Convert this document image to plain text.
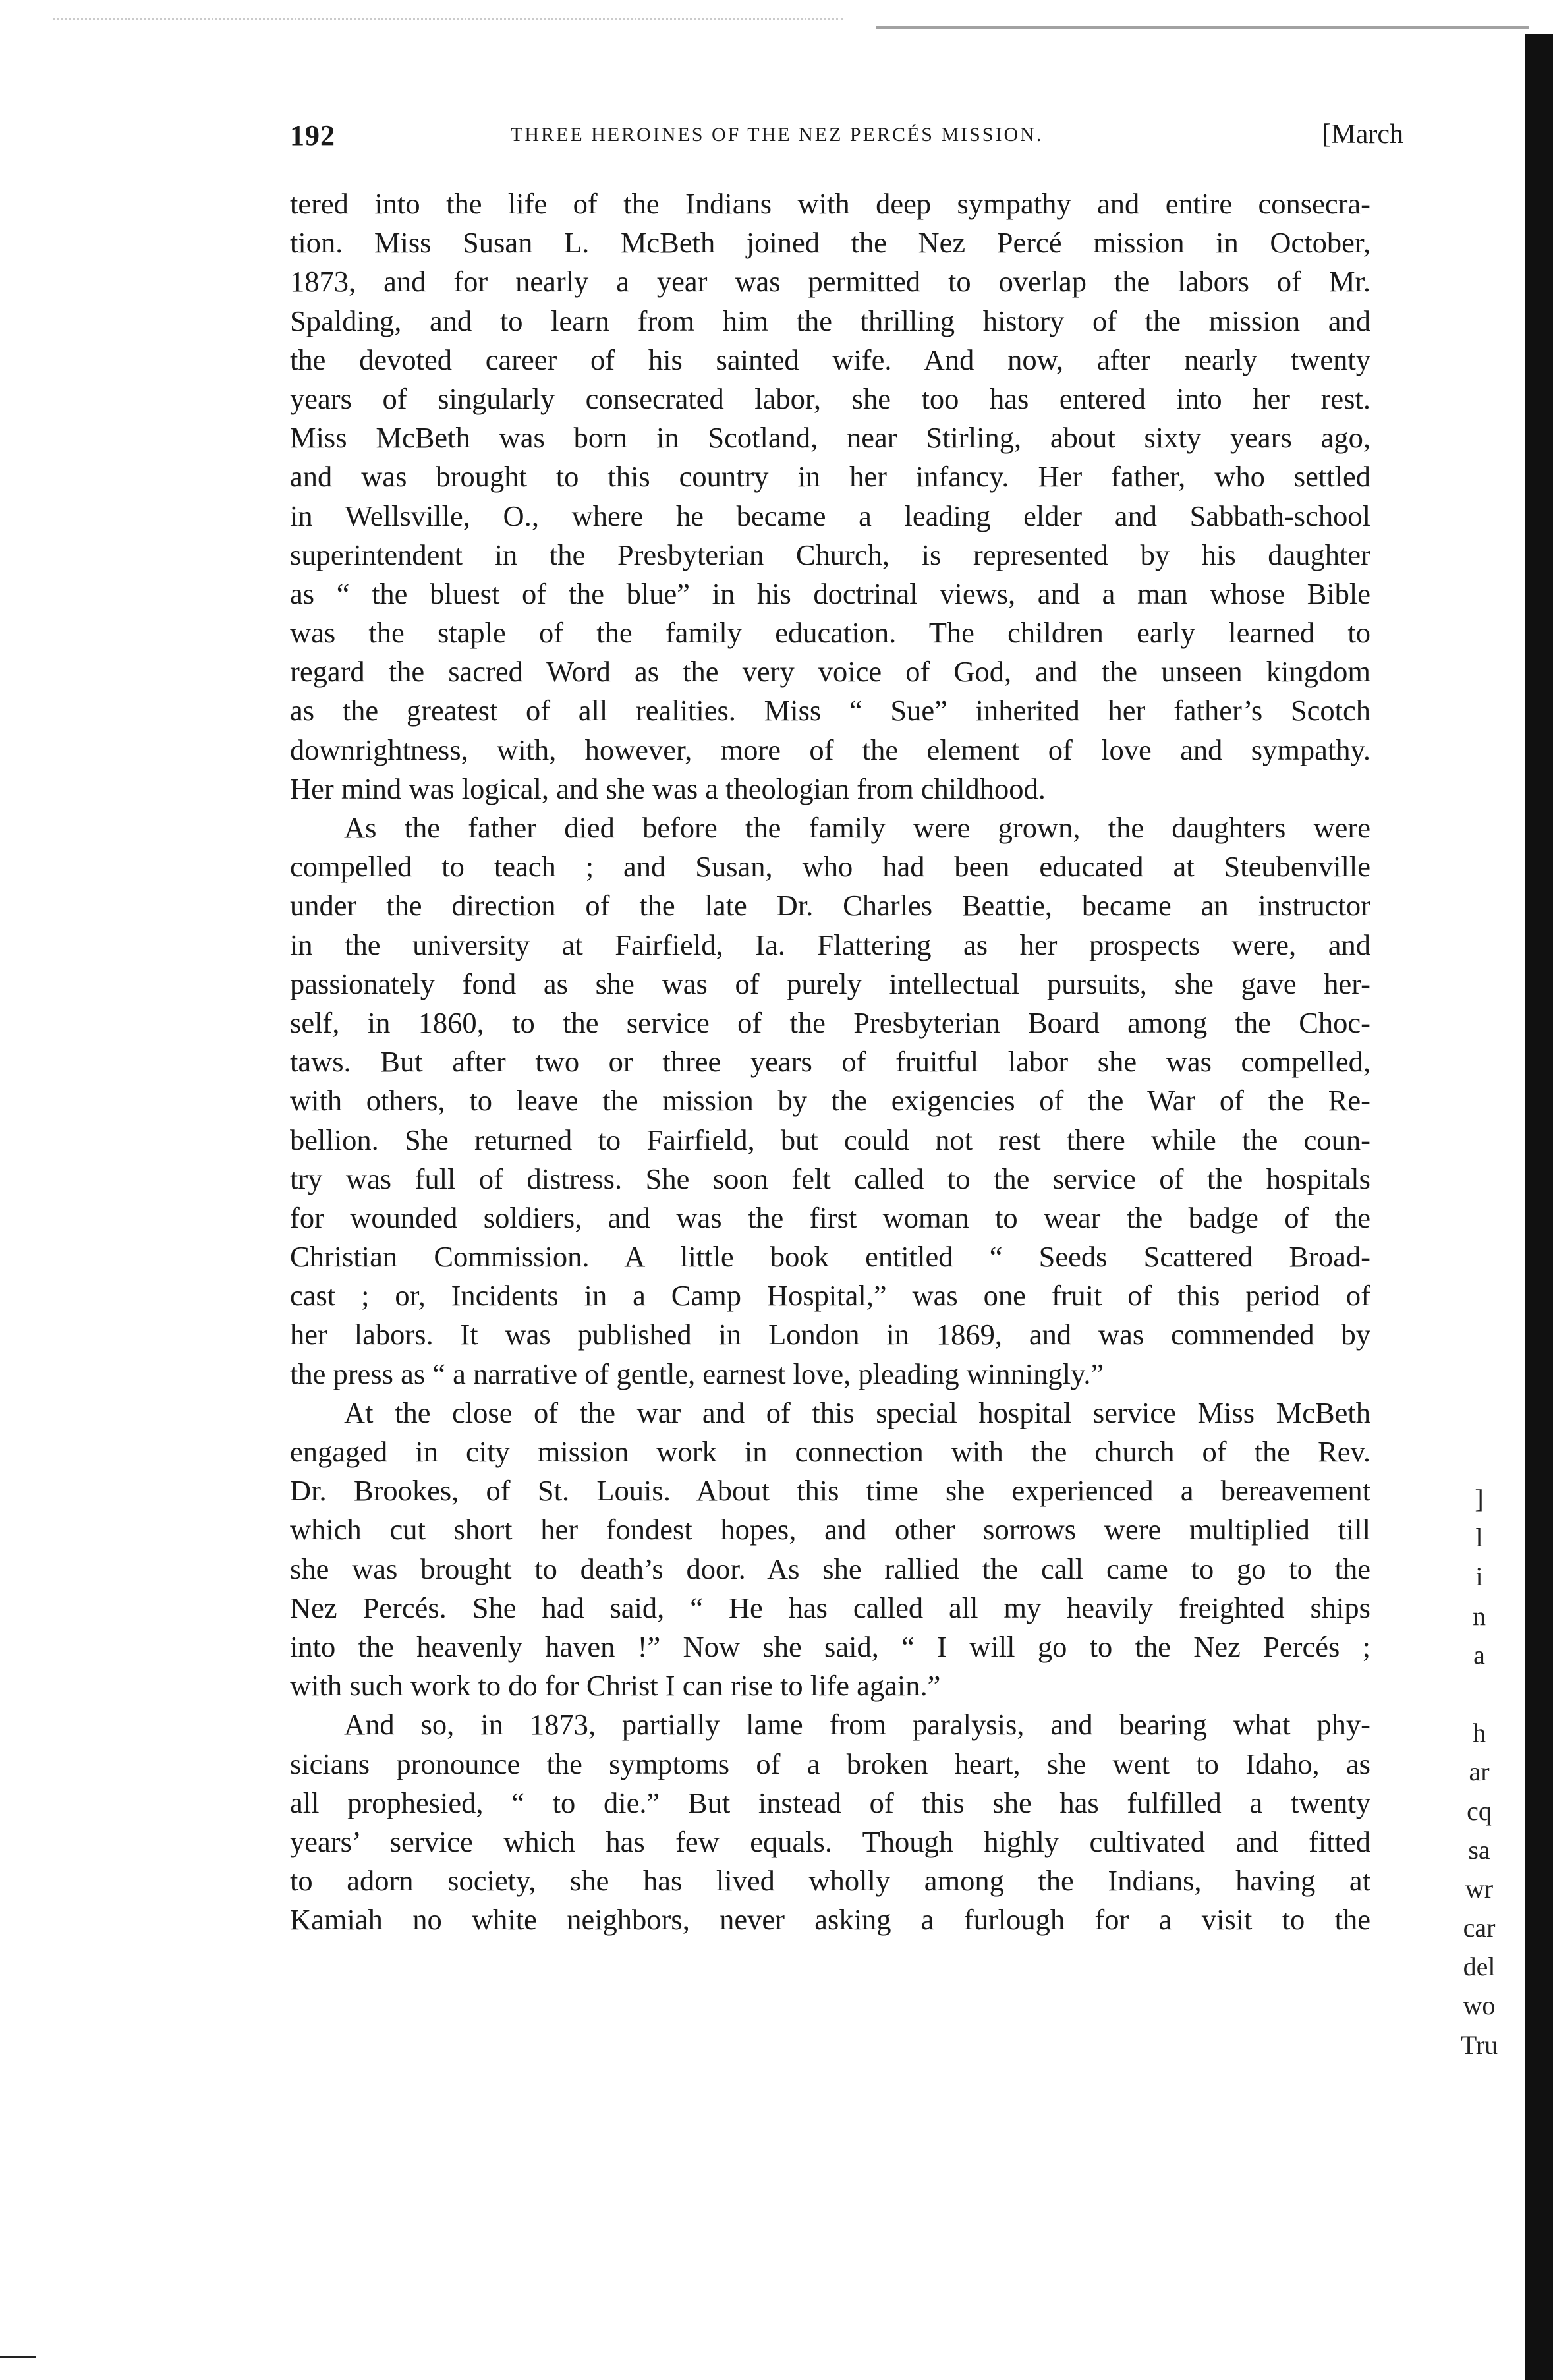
192	THREE HEROINES OF THE NEZ PERCÉS MISSION.	[March
tered into the life of the Indians with deep sympathy and entire consecra-
tion. Miss Susan L. McBeth joined the Nez Percé mission in October,
1873, and for nearly a year was permitted to overlap the labors of Mr.
Spalding, and to learn from him the thrilling history of the mission and
the devoted career of his sainted wife. And now, after nearly twenty
years of singularly consecrated labor, she too has entered into her rest.
Miss McBeth was born in Scotland, near Stirling, about sixty years ago,
and was brought to this country in her infancy. Her father, who settled
in Wellsville, O., where he became a leading elder and Sabbath-school
superintendent in the Presbyterian Church, is represented by his daughter
as “ the bluest of the blue” in his doctrinal views, and a man whose Bible
was the staple of the family education. The children early learned to
regard the sacred Word as the very voice of God, and the unseen kingdom
as the greatest of all realities. Miss “ Sue” inherited her father’s Scotch
downrightness, with, however, more of the element of love and sympathy.
Her mind was logical, and she was a theologian from childhood.
As the father died before the family were grown, the daughters were
compelled to teach ; and Susan, who had been educated at Steubenville
under the direction of the late Dr. Charles Beattie, became an instructor
in the university at Fairfield, Ia. Flattering as her prospects were, and
passionately fond as she was of purely intellectual pursuits, she gave her-
self, in 1860, to the service of the Presbyterian Board among the Choc-
taws. But after two or three years of fruitful labor she was compelled,
with others, to leave the mission by the exigencies of the War of the Re-
bellion. She returned to Fairfield, but could not rest there while the coun-
try was full of distress. She soon felt called to the service of the hospitals
for wounded soldiers, and was the first woman to wear the badge of the
Christian Commission. A little book entitled “ Seeds Scattered Broad-
cast ; or, Incidents in a Camp Hospital,” was one fruit of this period of
her labors. It was published in London in 1869, and was commended by
the press as “ a narrative of gentle, earnest love, pleading winningly.”
At the close of the war and of this special hospital service Miss McBeth
engaged in city mission work in connection with the church of the Rev.
Dr. Brookes, of St. Louis. About this time she experienced a bereavement
which cut short her fondest hopes, and other sorrows were multiplied till
she was brought to death’s door. As she rallied the call came to go to the
Nez Percés. She had said, “ He has called all my heavily freighted ships
into the heavenly haven !” Now she said, “ I will go to the Nez Percés ;
with such work to do for Christ I can rise to life again.”
And so, in 1873, partially lame from paralysis, and bearing what phy-
sicians pronounce the symptoms of a broken heart, she went to Idaho, as
all prophesied, “ to die.” But instead of this she has fulfilled a twenty
years’ service which has few equals. Though highly cultivated and fitted
to adorn society, she has lived wholly among the Indians, having at
Kamiah no white neighbors, never asking a furlough for a visit to the
]
l
i
n
a
h
ar
cq
sa
wr
car
del
wo
Tru
